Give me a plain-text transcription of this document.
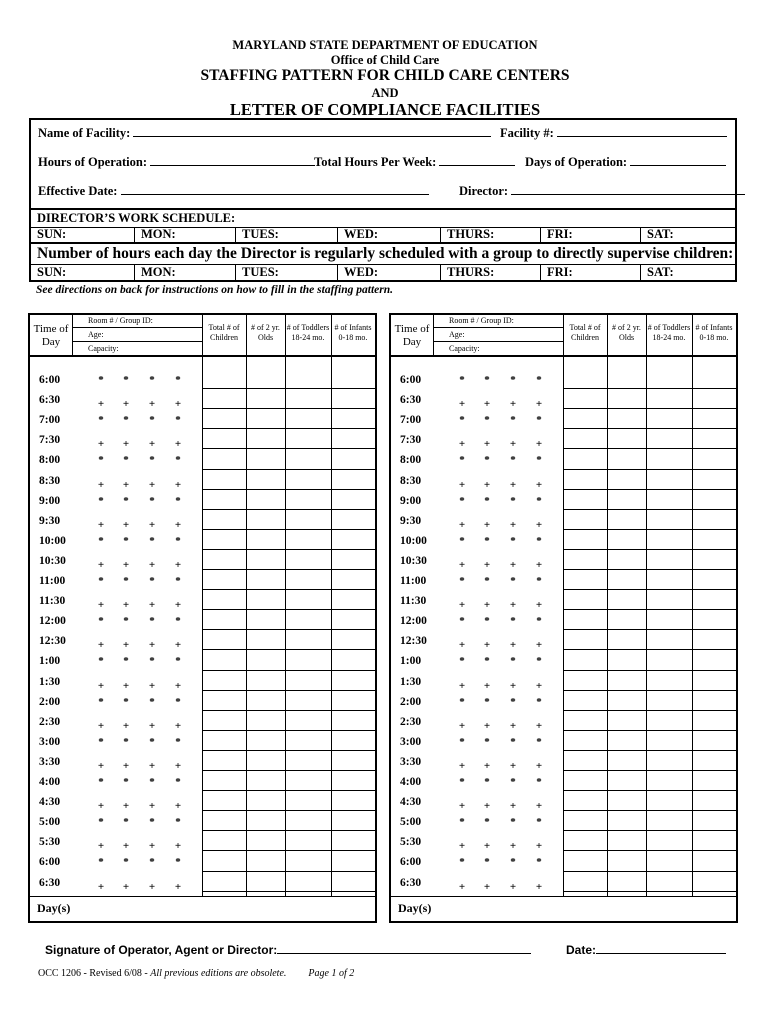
MARYLAND STATE DEPARTMENT OF EDUCATION
Office of Child Care
STAFFING PATTERN FOR CHILD CARE CENTERS
AND
LETTER OF COMPLIANCE FACILITIES
Name of Facility:	Facility #:
Hours of Operation:	Total Hours Per Week:	Days of Operation:
Effective Date:	Director:
DIRECTOR’S WORK SCHEDULE:
SUN:	MON:	TUES:	WED:	THURS:	FRI:	SAT:
Number of hours each day the Director is regularly scheduled with a group to directly supervise children:
SUN:	MON:	TUES:	WED:	THURS:	FRI:	SAT:
See directions on back for instructions on how to fill in the staffing pattern.
Time of Day
Room # / Group ID:
Age:
Capacity:
Total # of Children
# of 2 yr. Olds
# of Toddlers 18-24 mo.
# of Infants 0-18 mo.
6:00	* * * *
6:30	+ + + +
7:00	* * * *
7:30	+ + + +
8:00	* * * *
8:30	+ + + +
9:00	* * * *
9:30	+ + + +
10:00	* * * *
10:30	+ + + +
11:00	* * * *
11:30	+ + + +
12:00	* * * *
12:30	+ + + +
1:00	* * * *
1:30	+ + + +
2:00	* * * *
2:30	+ + + +
3:00	* * * *
3:30	+ + + +
4:00	* * * *
4:30	+ + + +
5:00	* * * *
5:30	+ + + +
6:00	* * * *
6:30	+ + + +
Day(s)
Time of Day
Room # / Group ID:
Age:
Capacity:
Total # of Children
# of 2 yr. Olds
# of Toddlers 18-24 mo.
# of Infants 0-18 mo.
6:00	* * * *
6:30	+ + + +
7:00	* * * *
7:30	+ + + +
8:00	* * * *
8:30	+ + + +
9:00	* * * *
9:30	+ + + +
10:00	* * * *
10:30	+ + + +
11:00	* * * *
11:30	+ + + +
12:00	* * * *
12:30	+ + + +
1:00	* * * *
1:30	+ + + +
2:00	* * * *
2:30	+ + + +
3:00	* * * *
3:30	+ + + +
4:00	* * * *
4:30	+ + + +
5:00	* * * *
5:30	+ + + +
6:00	* * * *
6:30	+ + + +
Day(s)
Signature of Operator, Agent or Director:	Date:
OCC 1206 - Revised 6/08 - All previous editions are obsolete. Page 1 of 2
